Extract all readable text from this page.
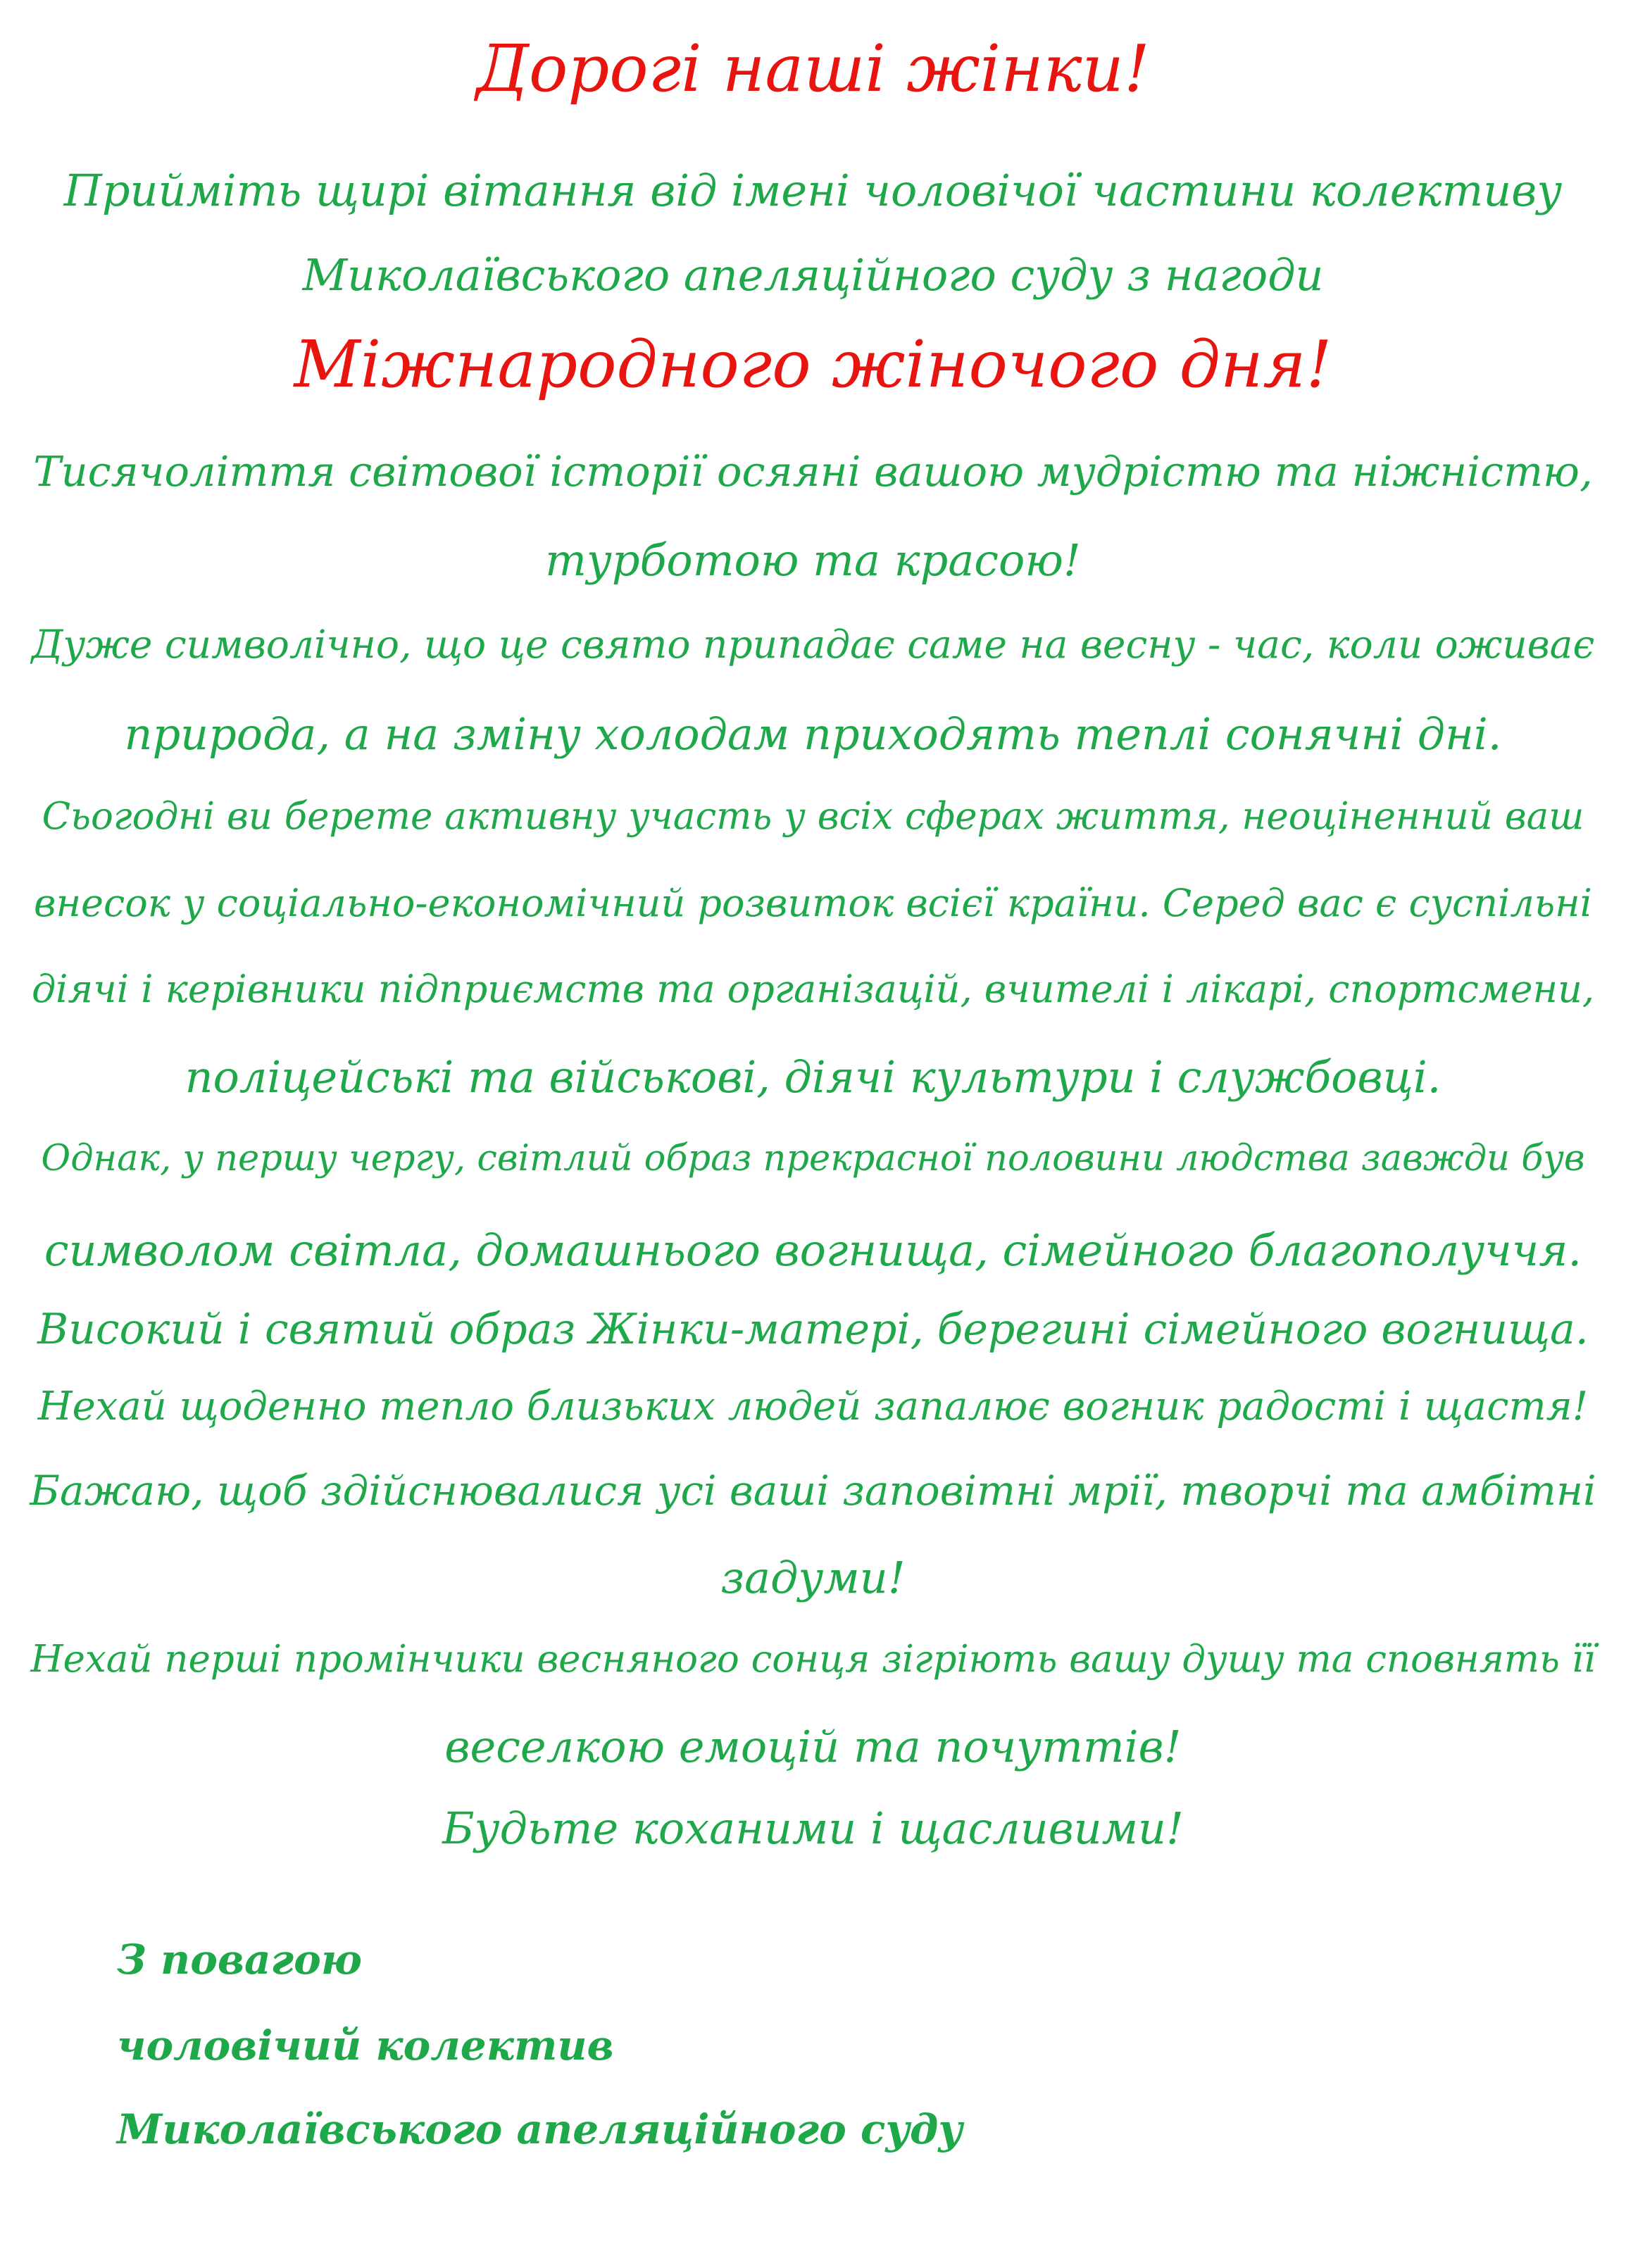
Дорогі наші жінки!
Прийміть щирі вітання від імені чоловічої частини колективу
Миколаївського апеляційного суду з нагоди
Міжнародного жіночого дня!
Тисячоліття світової історії осяяні вашою мудрістю та ніжністю,
турботою та красою!
Дуже символічно, що це свято припадає саме на весну - час, коли оживає
природа, а на зміну холодам приходять теплі сонячні дні.
Сьогодні ви берете активну участь у всіх сферах життя, неоціненний ваш
внесок у соціально-економічний розвиток всієї країни. Серед вас є суспільні
діячі і керівники підприємств та організацій, вчителі і лікарі, спортсмени,
поліцейські та військові, діячі культури і службовці.
Однак, у першу чергу, світлий образ прекрасної половини людства завжди був
символом світла, домашнього вогнища, сімейного благополуччя.
Високий і святий образ Жінки-матері, берегині сімейного вогнища.
Нехай щоденно тепло близьких людей запалює вогник радості і щастя!
Бажаю, щоб здійснювалися усі ваші заповітні мрії, творчі та амбітні
задуми!
Нехай перші промінчики весняного сонця зігріють вашу душу та сповнять її
веселкою емоцій та почуттів!
Будьте коханими і щасливими!
З повагою
чоловічий колектив
Миколаївського апеляційного суду
